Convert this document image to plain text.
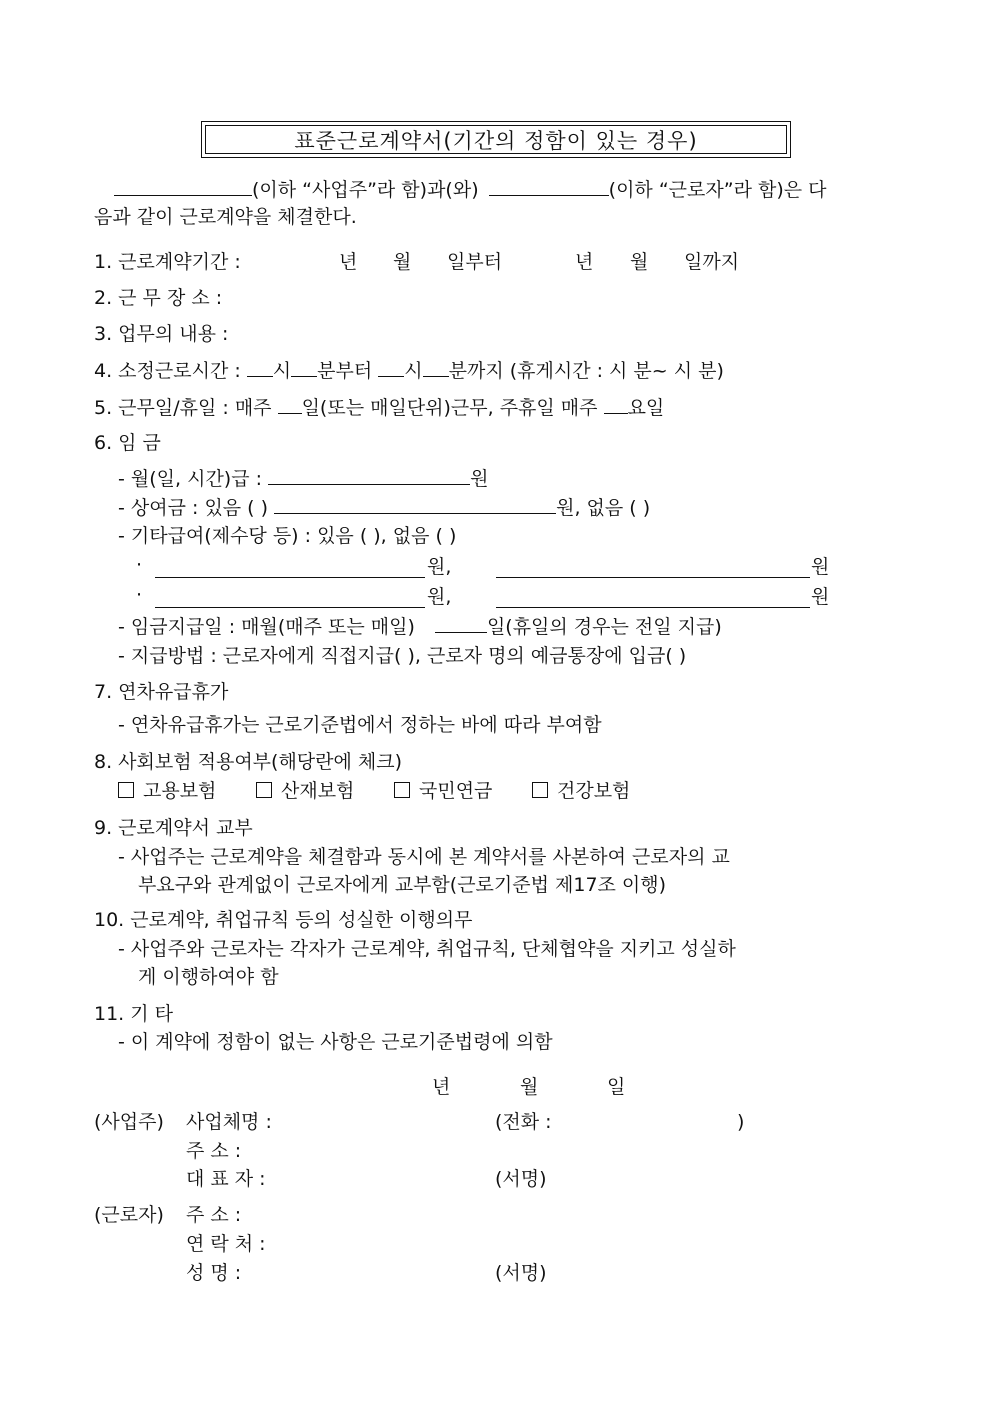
표준근로계약서(기간의 정함이 있는 경우)
(이하 “사업주”라 함)과(와)	(이하 “근로자”라 함)은 다
음과 같이 근로계약을 체결한다.
1. 근로계약기간 :	년 월 일부터	년 월 일까지
2. 근 무 장 소 :
3. 업무의 내용 :
4. 소정근로시간 : 시 분부터 시 분까지 (휴게시간 : 시 분~ 시 분)
5. 근무일/휴일 : 매주 일(또는 매일단위)근무, 주휴일 매주 요일
6. 임 금
- 월(일, 시간)급 :	원
- 상여금 : 있음 ( )	원, 없음 ( )
- 기타급여(제수당 등) : 있음 ( ), 없음 ( )
·	원,	원
·	원,	원
- 임금지급일 : 매월(매주 또는 매일)	일(휴일의 경우는 전일 지급)
- 지급방법 : 근로자에게 직접지급( ), 근로자 명의 예금통장에 입금( )
7. 연차유급휴가
- 연차유급휴가는 근로기준법에서 정하는 바에 따라 부여함
8. 사회보험 적용여부(해당란에 체크)
고용보험	산재보험	국민연금	건강보험
9. 근로계약서 교부
- 사업주는 근로계약을 체결함과 동시에 본 계약서를 사본하여 근로자의 교
부요구와 관계없이 근로자에게 교부함(근로기준법 제17조 이행)
10. 근로계약, 취업규칙 등의 성실한 이행의무
- 사업주와 근로자는 각자가 근로계약, 취업규칙, 단체협약을 지키고 성실하
게 이행하여야 함
11. 기 타
- 이 계약에 정함이 없는 사항은 근로기준법령에 의함
년	월	일
(사업주) 사업체명 :	(전화 :	)
주 소 :
대 표 자 :	(서명)
(근로자) 주 소 :
연 락 처 :
성 명 :	(서명)
